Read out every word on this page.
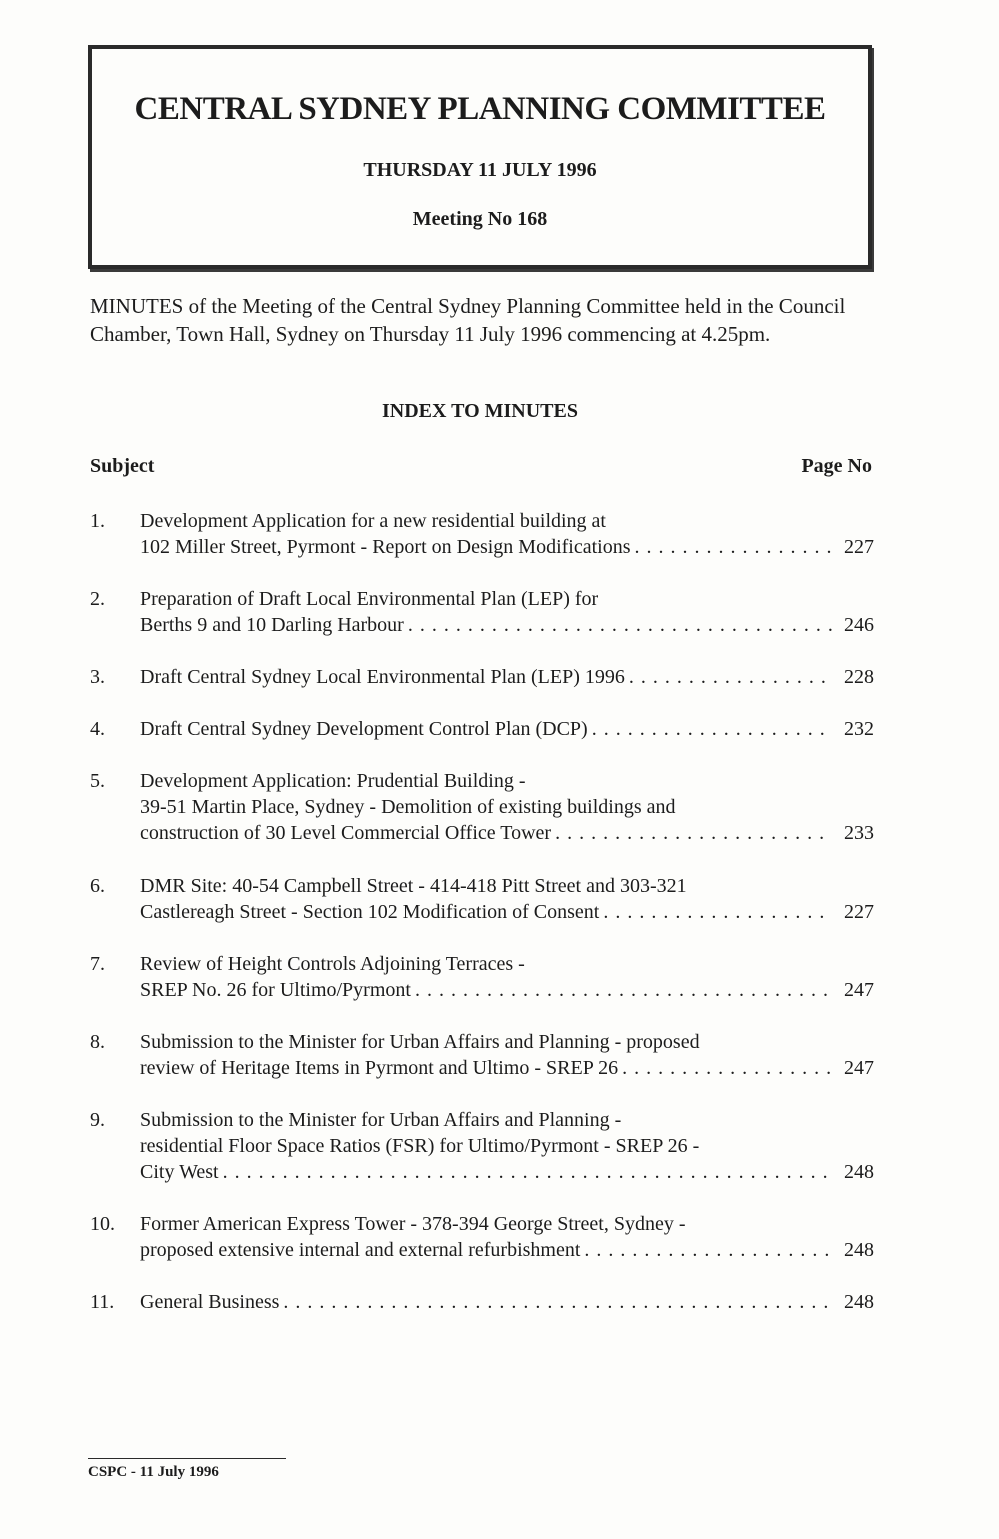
CENTRAL SYDNEY PLANNING COMMITTEE
THURSDAY 11 JULY 1996
Meeting No 168
MINUTES of the Meeting of the Central Sydney Planning Committee held in the Council
Chamber, Town Hall, Sydney on Thursday 11 July 1996 commencing at 4.25pm.
INDEX TO MINUTES
Subject	Page No
1. Development Application for a new residential building at
102 Miller Street, Pyrmont - Report on Design Modifications . . .	227
2. Preparation of Draft Local Environmental Plan (LEP) for
Berths 9 and 10 Darling Harbour . . .	246
3. Draft Central Sydney Local Environmental Plan (LEP) 1996 . . .	228
4. Draft Central Sydney Development Control Plan (DCP) . . .	232
5. Development Application: Prudential Building -
39-51 Martin Place, Sydney - Demolition of existing buildings and
construction of 30 Level Commercial Office Tower . . .	233
6. DMR Site: 40-54 Campbell Street - 414-418 Pitt Street and 303-321
Castlereagh Street - Section 102 Modification of Consent . . .	227
7. Review of Height Controls Adjoining Terraces -
SREP No. 26 for Ultimo/Pyrmont . . .	247
8. Submission to the Minister for Urban Affairs and Planning - proposed
review of Heritage Items in Pyrmont and Ultimo - SREP 26 . . .	247
9. Submission to the Minister for Urban Affairs and Planning -
residential Floor Space Ratios (FSR) for Ultimo/Pyrmont - SREP 26 -
City West . . .	248
10. Former American Express Tower - 378-394 George Street, Sydney -
proposed extensive internal and external refurbishment . . .	248
11. General Business . . .	248
CSPC - 11 July 1996
